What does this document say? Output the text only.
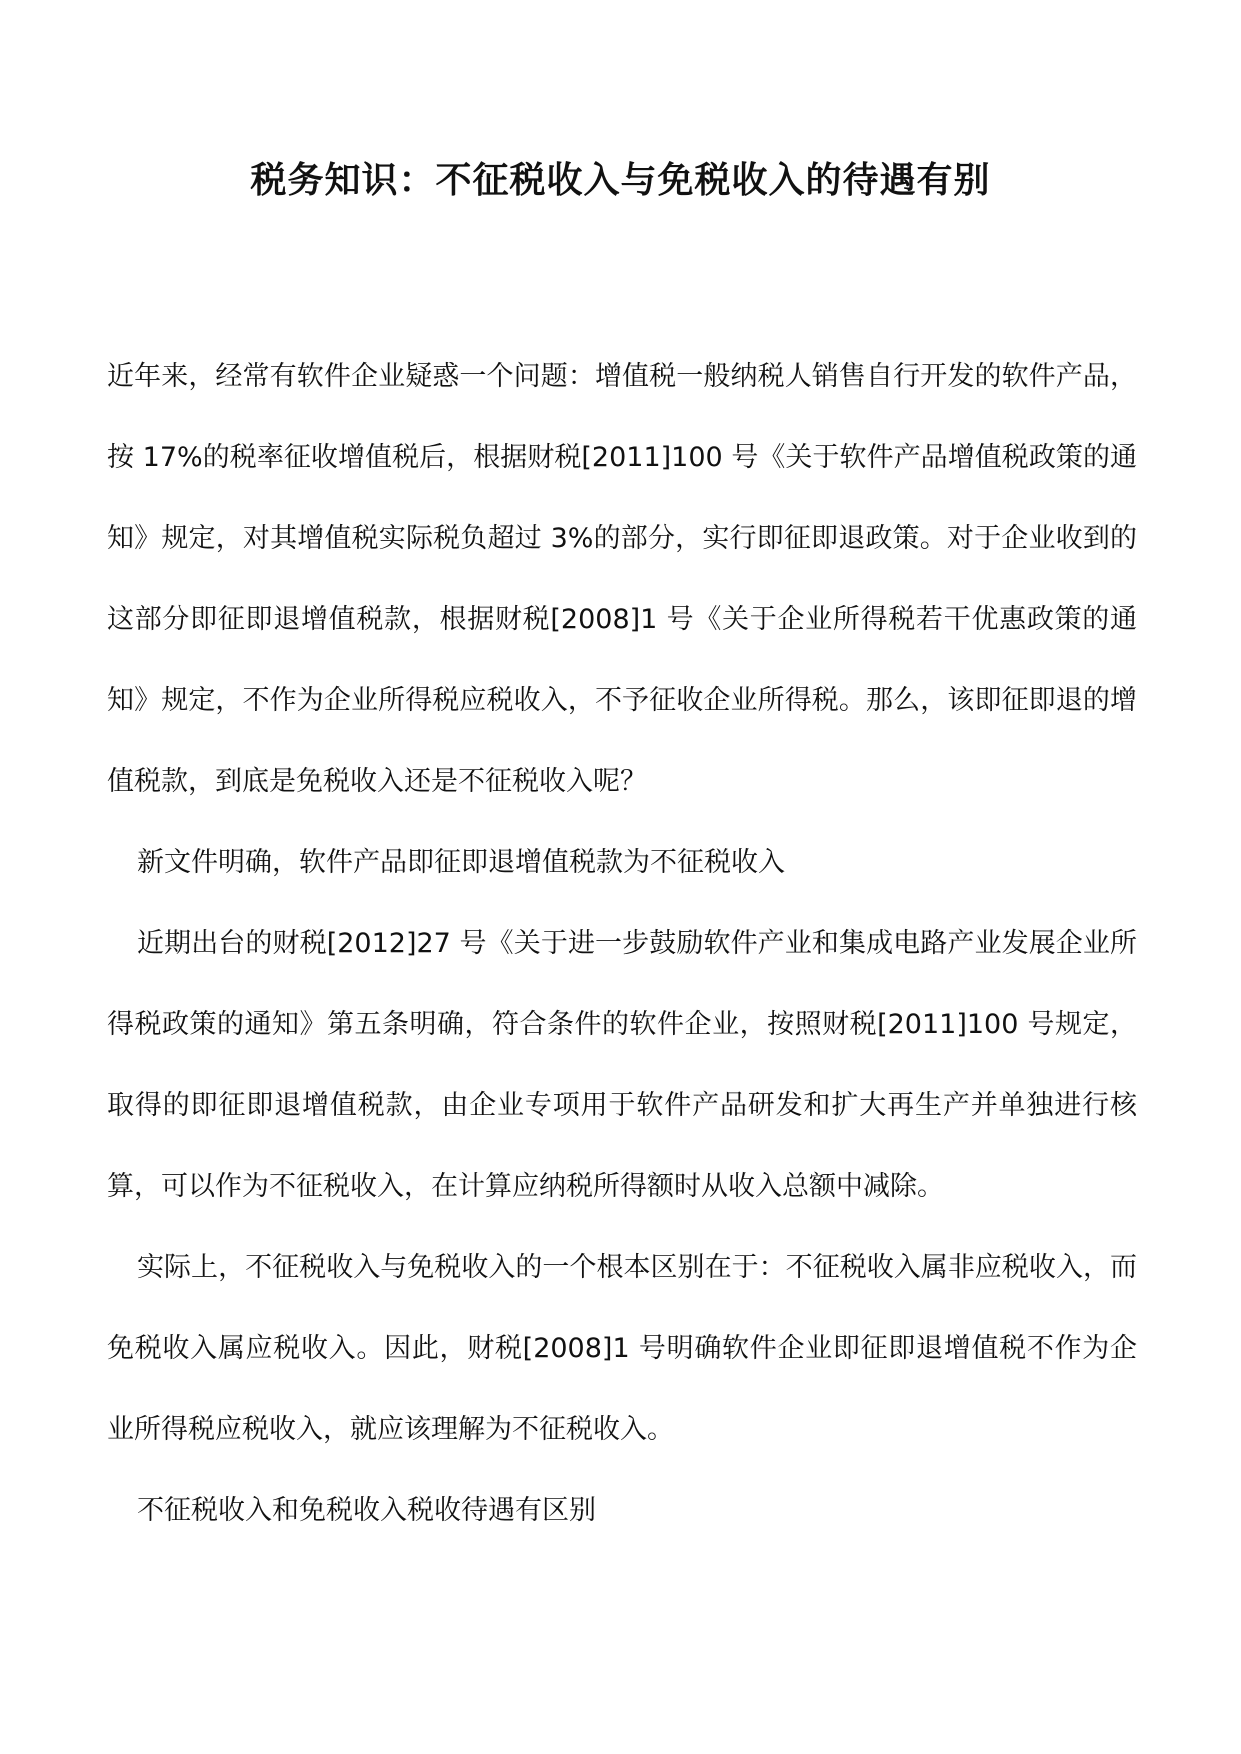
税务知识：不征税收入与免税收入的待遇有别

近年来，经常有软件企业疑惑一个问题：增值税一般纳税人销售自行开发的软件产品，按 17%的税率征收增值税后，根据财税[2011]100 号《关于软件产品增值税政策的通知》规定，对其增值税实际税负超过 3%的部分，实行即征即退政策。对于企业收到的这部分即征即退增值税款，根据财税[2008]1 号《关于企业所得税若干优惠政策的通知》规定，不作为企业所得税应税收入，不予征收企业所得税。那么，该即征即退的增值税款，到底是免税收入还是不征税收入呢？

新文件明确，软件产品即征即退增值税款为不征税收入

近期出台的财税[2012]27 号《关于进一步鼓励软件产业和集成电路产业发展企业所得税政策的通知》第五条明确，符合条件的软件企业，按照财税[2011]100 号规定，取得的即征即退增值税款，由企业专项用于软件产品研发和扩大再生产并单独进行核算，可以作为不征税收入，在计算应纳税所得额时从收入总额中减除。

实际上，不征税收入与免税收入的一个根本区别在于：不征税收入属非应税收入，而免税收入属应税收入。因此，财税[2008]1 号明确软件企业即征即退增值税不作为企业所得税应税收入，就应该理解为不征税收入。

不征税收入和免税收入税收待遇有区别
